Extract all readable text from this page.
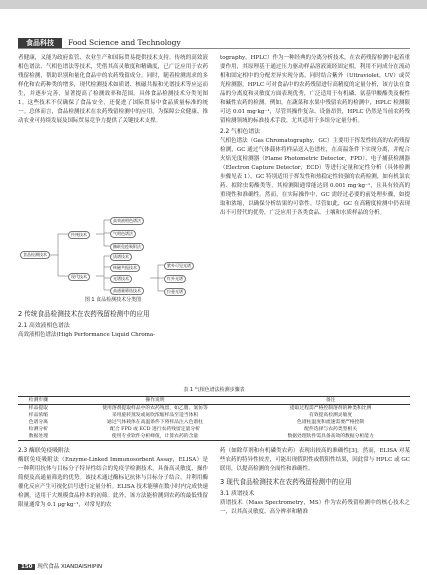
食品科技	Food Science and Technology

者健康，又能为政府监管、农业生产和国际贸易提供技术支持。传统的高效液相色谱法、气相色谱法等技术，凭借其高灵敏度和精确度，已广泛应用于农药残留检测，帮助识别和量化食品中的农药残留成分。同时，随着检测需求的多样化和农药种类的增多，现代检测技术如质谱、核磁共振和光谱技术等应运而生，并逐步完善，显著提高了检测效率和范围。具体食品检测技术分类见图1。这些技术不仅确保了食品安全，还促进了国际贸易中食品质量标准的统一。总体而言，食品检测技术在农药残留检测中的应用，为保障公众健康、推动农业可持续发展及国际贸易竞争力提供了关键技术支撑。

食品检测技术
传统技术
现代技术
高效液相色谱法
气相色谱法
酶联免疫吸附法
质谱技术
核磁共振技术
光谱技术
紫外可见光谱
红外光谱
拉曼光谱
高通量筛选技术
图 1 食品检测技术分类图
2 传统食品检测技术在农药残留检测中的应用
2.1 高效液相色谱法

高效液相色谱法(High Performance Liquid Chroma-

tography，HPLC）作为一种经典的分离分析技术，在农药残留检测中起着重要作用，其原理基于通过压力驱动样品溶液流经固定相，利用不同成分在流动相和固定相中的分配差异实现分离，同时结合紫外（Ultraviolet，UV）或荧光检测器，HPLC 可对食品中的农药残留进行高精度的定量分析，该方法在食品的分离度和灵敏度方面表现优秀，广泛适用于有机磷、氨基甲酸酯类及极性和碱性农药的检测。例如，在蔬菜和水果中残留农药的检测中，HPLC 检测限可达 0.01 mg·kg⁻¹，尽管其操作复杂、设备昂贵，HPLC 仍然是当前农药残留检测领域的标准技术手段，尤其适用于多组分定量分析。

2.2 气相色谱法

气相色谱法（Gas Chromatography，GC）主要用于挥发性较高的农药残留检测，GC 通过气体载体将样品送入色谱柱，在高温条件下实现分离，并配合火焰光度检测器（Flame Photometric Detector，FPD）、电子捕获检测器（Electron Capture Detector，ECD）等进行定量和定性分析（具体检测步骤见表 1）。GC 特别适用于挥发性和热稳定性较强的农药检测，如有机氯农药、拟除虫菊酯类等，其检测限通常能达到 0.001 mg·kg⁻¹，且具有较高的重现性和准确性。然而，在实际操作中，GC 需经过必要的前处理步骤，如提取和浓缩，以确保分析结果的可靠性。尽管如此，GC 在高精度检测中仍表现出不可替代的优势，广泛应用于各类食品、土壤和水质样品的分析。

表 1 气相色谱法检测步骤表
检测步骤	操作说明	备注
样品提取	使用溶剂提取样品中的农药残留，如乙腈、氯仿等	提取过程需严格控制溶剂的种类和比例
样品浓缩	采用旋转蒸发或氮吹浓缩样品至适当体积	有效提高检测灵敏度
色谱分离	通过气体载体在高温条件下将样品注入色谱柱	色谱柱温度和流速需要严格控制
检测分析	配合 FPD 或 ECD 进行农药残留定量分析	配件选择与农药类型相关
数据处理	使用专业软件分析峰值，计算农药的含量	数据处理软件需具备高效的数据分析能力
2.3 酶联免疫吸附法

酶联免疫吸附法（Enzyme-Linked Immunosorbent Assay，ELISA）是一种利用抗体与目标分子特异性结合的免疫学检测技术，具备高灵敏度、操作简便及高通量筛选的优势。该技术通过酶标记抗体与目标分子结合，并利用酶催化反应产生可视化信号进行定量分析。ELISA 技术能够在数小时内完成快速检测，适用于大规模食品样本的初筛。此外，该方法能检测到农药的最低残留限量通常为 0.1 μg·kg⁻¹，对常见的农

药（如除草剂和有机磷类农药）表现出较高的准确性[3]。然而，ELISA 对某些农药的特异性较差，可能出现假阴性或假阳性结果，因此常与 HPLC 或 GC 联用，以提高检测的全面性和准确性。

3 现代食品检测技术在农药残留检测中的应用
3.1 质谱技术

质谱技术（Mass Spectrometry，MS）作为农药残留检测中的核心技术之一，以其高灵敏度、高分辨率和精准

150 现代食品 XIANDAISHIPIN
